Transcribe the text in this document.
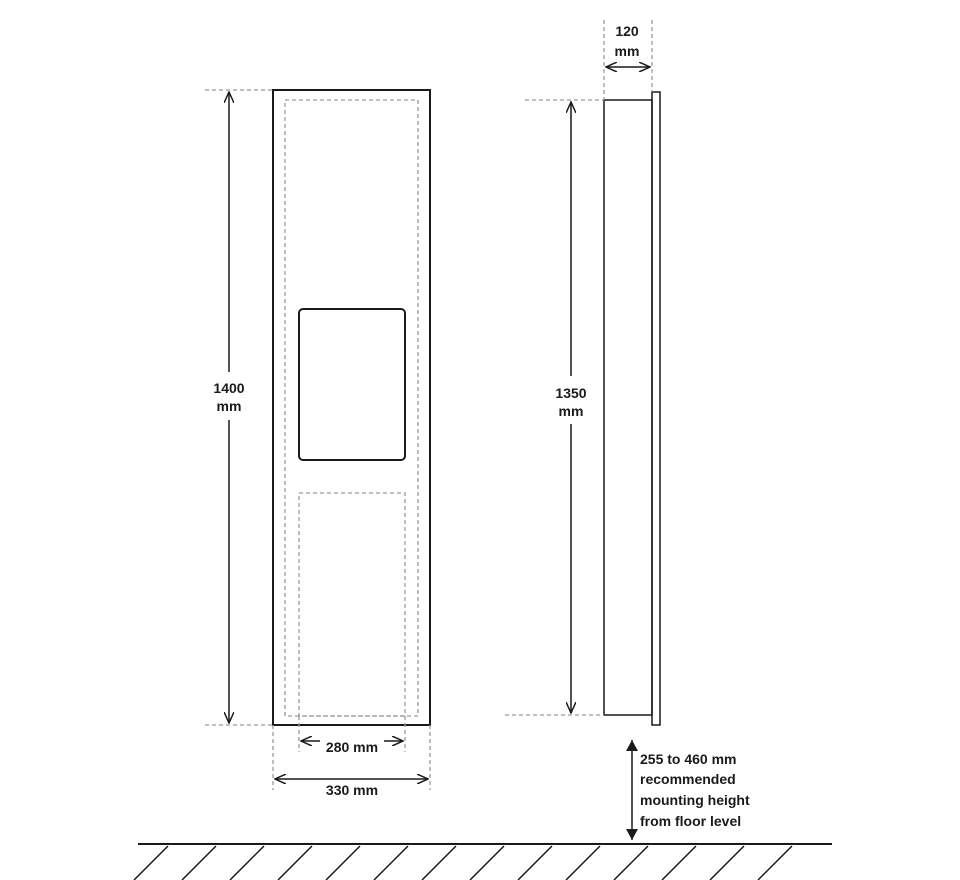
1400
mm
280 mm
330 mm
120
mm
1350
mm
255 to 460 mm
recommended
mounting height
from floor level
